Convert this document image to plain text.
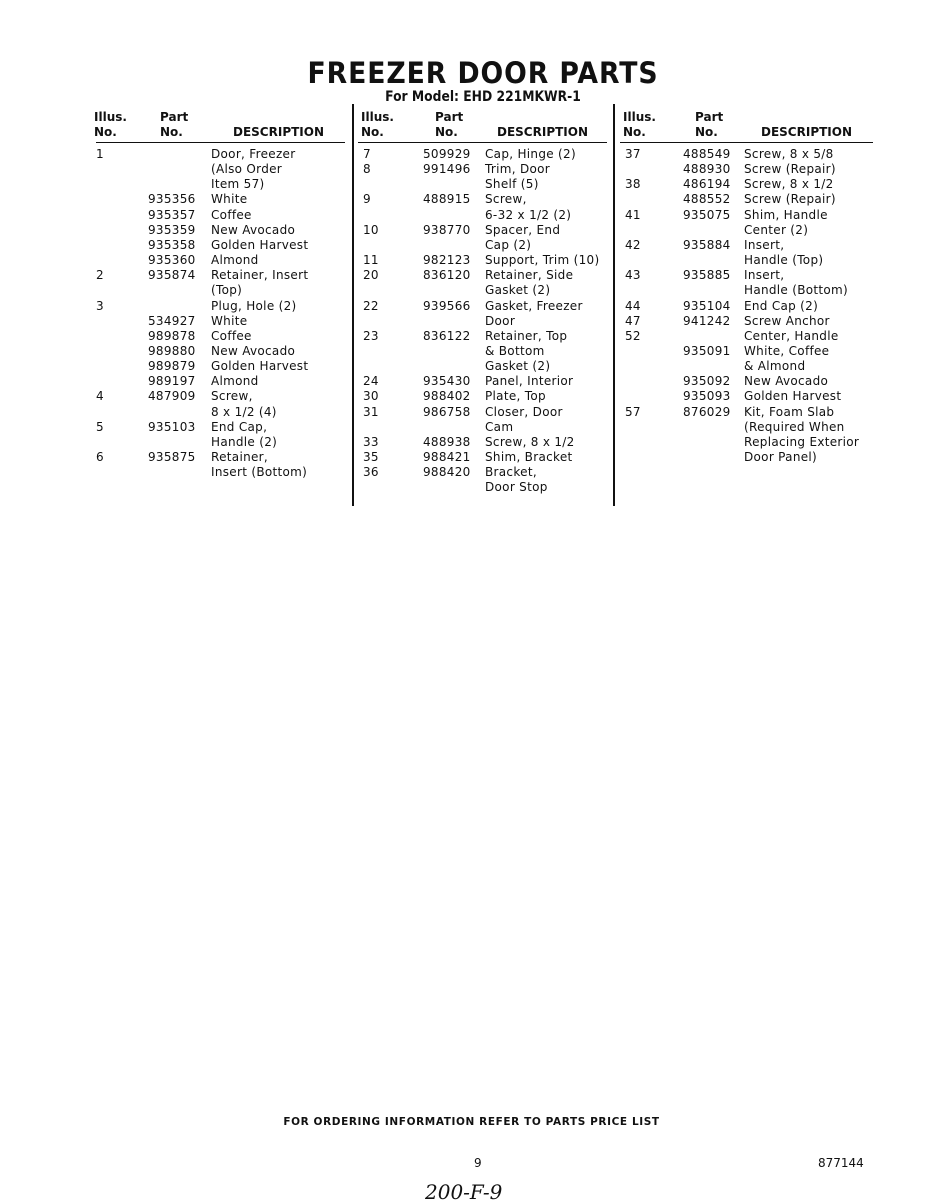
FREEZER DOOR PARTS
For Model: EHD 221MKWR-1
Illus.
No.
Part
No.	DESCRIPTION
1	Door, Freezer
(Also Order
Item 57)
935356 White
935357 Coffee
935359 New Avocado
935358 Golden Harvest
935360 Almond
2	935874 Retainer, Insert
(Top)
3	Plug, Hole (2)
534927 White
989878 Coffee
989880 New Avocado
989879 Golden Harvest
989197 Almond
4	487909 Screw,
8 x 1/2 (4)
5	935103 End Cap,
Handle (2)
6	935875 Retainer,
Insert (Bottom)
Illus.
No.
Part
No.	DESCRIPTION
7	509929 Cap, Hinge (2)
8	991496 Trim, Door
Shelf (5)
9	488915 Screw,
6-32 x 1/2 (2)
10	938770 Spacer, End
Cap (2)
11	982123 Support, Trim (10)
20	836120 Retainer, Side
Gasket (2)
22	939566 Gasket, Freezer
Door
23	836122 Retainer, Top
& Bottom
Gasket (2)
24	935430 Panel, Interior
30	988402 Plate, Top
31	986758 Closer, Door
Cam
33	488938 Screw, 8 x 1/2
35	988421 Shim, Bracket
36	988420 Bracket,
Door Stop
Illus.
No.
Part
No.	DESCRIPTION
37	488549 Screw, 8 x 5/8
488930 Screw (Repair)
38	486194 Screw, 8 x 1/2
488552 Screw (Repair)
41	935075 Shim, Handle
Center (2)
42	935884 Insert,
Handle (Top)
43	935885 Insert,
Handle (Bottom)
44	935104 End Cap (2)
47	941242 Screw Anchor
52	Center, Handle
935091 White, Coffee
& Almond
935092 New Avocado
935093 Golden Harvest
57	876029 Kit, Foam Slab
(Required When
Replacing Exterior
Door Panel)
FOR ORDERING INFORMATION REFER TO PARTS PRICE LIST
9	877144
200-F-9
